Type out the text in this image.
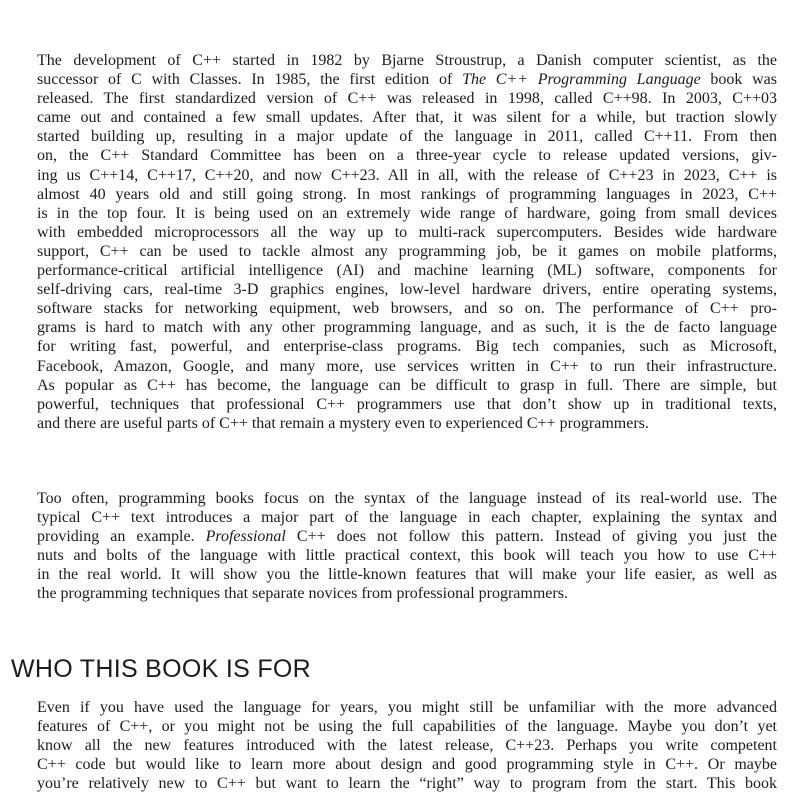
The development of C++ started in 1982 by Bjarne Stroustrup, a Danish computer scientist, as the
successor of C with Classes. In 1985, the first edition of The C++ Programming Language book was
released. The first standardized version of C++ was released in 1998, called C++98. In 2003, C++03
came out and contained a few small updates. After that, it was silent for a while, but traction slowly
started building up, resulting in a major update of the language in 2011, called C++11. From then
on, the C++ Standard Committee has been on a three-year cycle to release updated versions, giv-
ing us C++14, C++17, C++20, and now C++23. All in all, with the release of C++23 in 2023, C++ is
almost 40 years old and still going strong. In most rankings of programming languages in 2023, C++
is in the top four. It is being used on an extremely wide range of hardware, going from small devices
with embedded microprocessors all the way up to multi-rack supercomputers. Besides wide hardware
support, C++ can be used to tackle almost any programming job, be it games on mobile platforms,
performance-critical artificial intelligence (AI) and machine learning (ML) software, components for
self-driving cars, real-time 3-D graphics engines, low-level hardware drivers, entire operating systems,
software stacks for networking equipment, web browsers, and so on. The performance of C++ pro-
grams is hard to match with any other programming language, and as such, it is the de facto language
for writing fast, powerful, and enterprise-class programs. Big tech companies, such as Microsoft,
Facebook, Amazon, Google, and many more, use services written in C++ to run their infrastructure.
As popular as C++ has become, the language can be difficult to grasp in full. There are simple, but
powerful, techniques that professional C++ programmers use that don’t show up in traditional texts,
and there are useful parts of C++ that remain a mystery even to experienced C++ programmers.

Too often, programming books focus on the syntax of the language instead of its real-world use. The
typical C++ text introduces a major part of the language in each chapter, explaining the syntax and
providing an example. Professional C++ does not follow this pattern. Instead of giving you just the
nuts and bolts of the language with little practical context, this book will teach you how to use C++
in the real world. It will show you the little-known features that will make your life easier, as well as
the programming techniques that separate novices from professional programmers.

WHO THIS BOOK IS FOR

Even if you have used the language for years, you might still be unfamiliar with the more advanced
features of C++, or you might not be using the full capabilities of the language. Maybe you don’t yet
know all the new features introduced with the latest release, C++23. Perhaps you write competent
C++ code but would like to learn more about design and good programming style in C++. Or maybe
you’re relatively new to C++ but want to learn the “right” way to program from the start. This book
